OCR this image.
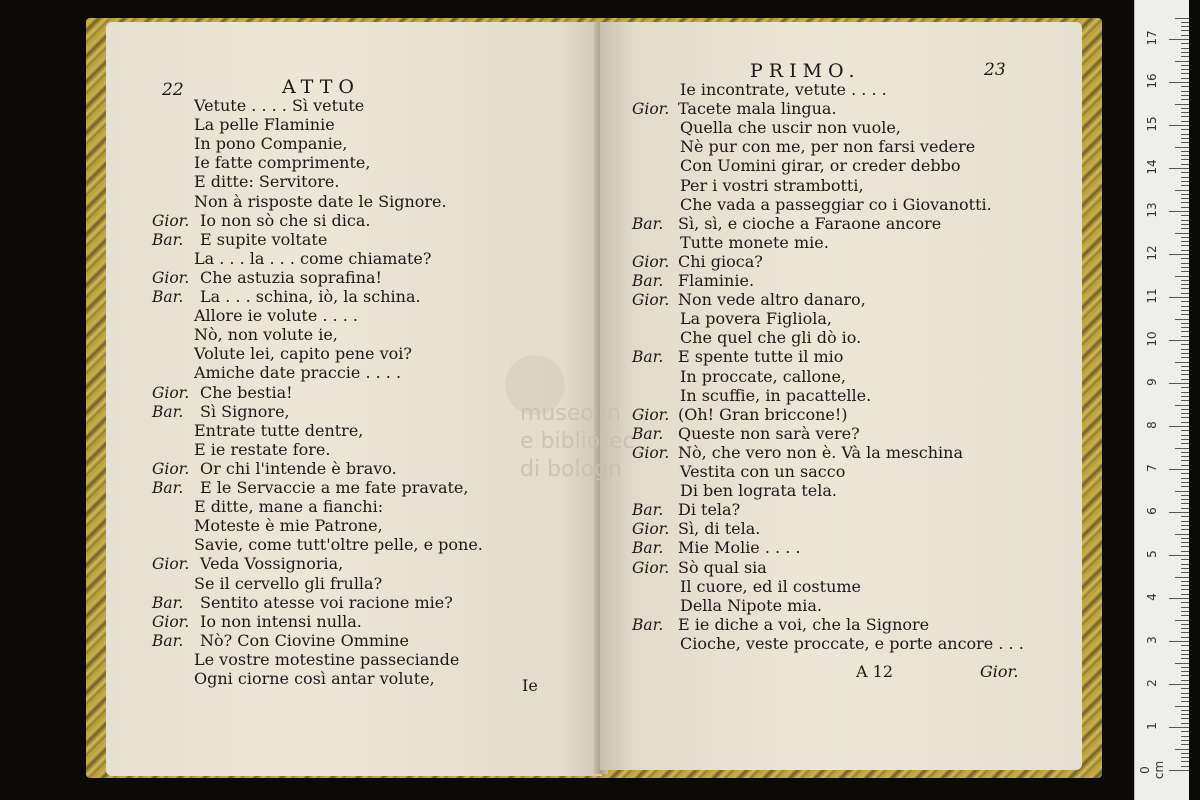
22	ATTO
Vetute . . . . Sì vetute
La pelle Flaminie
In pono Companie,
Ie fatte comprimente,
E ditte: Servitore.
Non à risposte date le Signore.
Gior. Io non sò che si dica.
Bar. E supite voltate
La . . . la . . . come chiamate?
Gior. Che astuzia soprafina!
Bar. La . . . schina, iò, la schina.
Allore ie volute . . . .
Nò, non volute ie,
Volute lei, capito pene voi?
Amiche date praccie . . . .
Gior. Che bestia!
Bar. Sì Signore,
Entrate tutte dentre,
E ie restate fore.
Gior. Or chi l'intende è bravo.
Bar. E le Servaccie a me fate pravate,
E ditte, mane a fianchi:
Moteste è mie Patrone,
Savie, come tutt'oltre pelle, e pone.
Gior. Veda Vossignoria,
Se il cervello gli frulla?
Bar. Sentito atesse voi racione mie?
Gior. Io non intensi nulla.
Bar. Nò? Con Ciovine Ommine
Le vostre motestine passeciande
Ogni ciorne così antar volute,	Ie
PRIMO.	23
Ie incontrate, vetute . . . .
Gior. Tacete mala lingua.
Quella che uscir non vuole,
Nè pur con me, per non farsi vedere
Con Uomini girar, or creder debbo
Per i vostri strambotti,
Che vada a passeggiar co i Giovanotti.
Bar. Sì, sì, e cioche a Faraone ancore
Tutte monete mie.
Gior. Chi gioca?
Bar. Flaminie.
Gior. Non vede altro danaro,
La povera Figliola,
Che quel che gli dò io.
Bar. E spente tutte il mio
In proccate, callone,
In scuffie, in pacattelle.
Gior. (Oh! Gran briccone!)
Bar. Queste non sarà vere?
Gior. Nò, che vero non è. Và la meschina
Vestita con un sacco
Di ben lograta tela.
Bar. Di tela?
Gior. Sì, di tela.
Bar. Mie Molie . . . .
Gior. Sò qual sia
Il cuore, ed il costume
Della Nipote mia.
Bar. E ie diche a voi, che la Signore
Cioche, veste proccate, e porte ancore . . .
A 12	Gior.
museo in
e bibliotec
di bologn
0 cm
1
2
3
4
5
6
7
8
9
10
11
12
13
14
15
16
17
